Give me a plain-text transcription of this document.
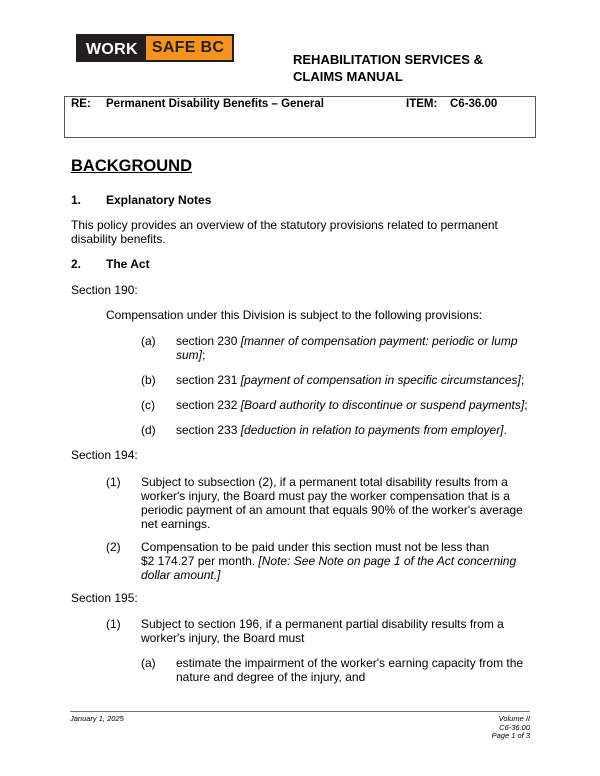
WORK SAFE BC
REHABILITATION SERVICES &
CLAIMS MANUAL
RE: Permanent Disability Benefits – General	ITEM: C6-36.00
BACKGROUND
1. Explanatory Notes
This policy provides an overview of the statutory provisions related to permanent
disability benefits.
2. The Act
Section 190:
Compensation under this Division is subject to the following provisions:
(a) section 230 [manner of compensation payment: periodic or lump
sum];
(b) section 231 [payment of compensation in specific circumstances];
(c) section 232 [Board authority to discontinue or suspend payments];
(d) section 233 [deduction in relation to payments from employer].
Section 194:
(1) Subject to subsection (2), if a permanent total disability results from a
worker's injury, the Board must pay the worker compensation that is a
periodic payment of an amount that equals 90% of the worker's average
net earnings.
(2) Compensation to be paid under this section must not be less than
$2 174.27 per month. [Note: See Note on page 1 of the Act concerning
dollar amount.]
Section 195:
(1) Subject to section 196, if a permanent partial disability results from a
worker's injury, the Board must
(a) estimate the impairment of the worker's earning capacity from the
nature and degree of the injury, and
January 1, 2025	Volume II
C6-36.00
Page 1 of 3
